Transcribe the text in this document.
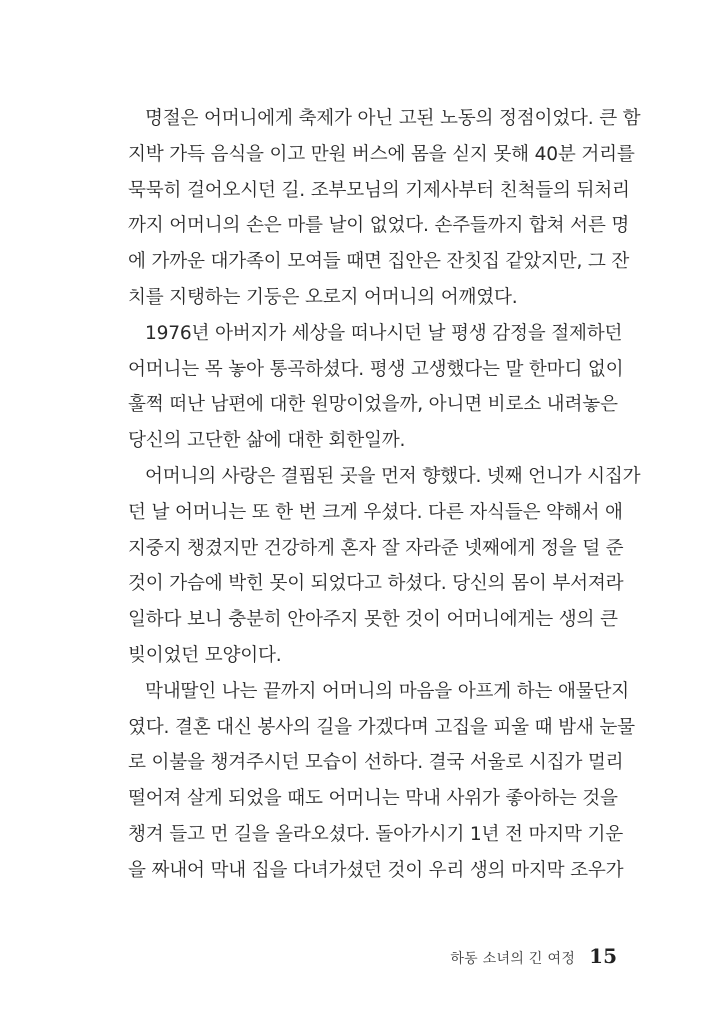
명절은 어머니에게 축제가 아닌 고된 노동의 정점이었다. 큰 함
지박 가득 음식을 이고 만원 버스에 몸을 싣지 못해 40분 거리를
묵묵히 걸어오시던 길. 조부모님의 기제사부터 친척들의 뒤처리
까지 어머니의 손은 마를 날이 없었다. 손주들까지 합쳐 서른 명
에 가까운 대가족이 모여들 때면 집안은 잔칫집 같았지만, 그 잔
치를 지탱하는 기둥은 오로지 어머니의 어깨였다.
1976년 아버지가 세상을 떠나시던 날 평생 감정을 절제하던
어머니는 목 놓아 통곡하셨다. 평생 고생했다는 말 한마디 없이
훌쩍 떠난 남편에 대한 원망이었을까, 아니면 비로소 내려놓은
당신의 고단한 삶에 대한 회한일까.
어머니의 사랑은 결핍된 곳을 먼저 향했다. 넷째 언니가 시집가
던 날 어머니는 또 한 번 크게 우셨다. 다른 자식들은 약해서 애
지중지 챙겼지만 건강하게 혼자 잘 자라준 넷째에게 정을 덜 준
것이 가슴에 박힌 못이 되었다고 하셨다. 당신의 몸이 부서져라
일하다 보니 충분히 안아주지 못한 것이 어머니에게는 생의 큰
빚이었던 모양이다.
막내딸인 나는 끝까지 어머니의 마음을 아프게 하는 애물단지
였다. 결혼 대신 봉사의 길을 가겠다며 고집을 피울 때 밤새 눈물
로 이불을 챙겨주시던 모습이 선하다. 결국 서울로 시집가 멀리
떨어져 살게 되었을 때도 어머니는 막내 사위가 좋아하는 것을
챙겨 들고 먼 길을 올라오셨다. 돌아가시기 1년 전 마지막 기운
을 짜내어 막내 집을 다녀가셨던 것이 우리 생의 마지막 조우가
하동 소녀의 긴 여정 15
